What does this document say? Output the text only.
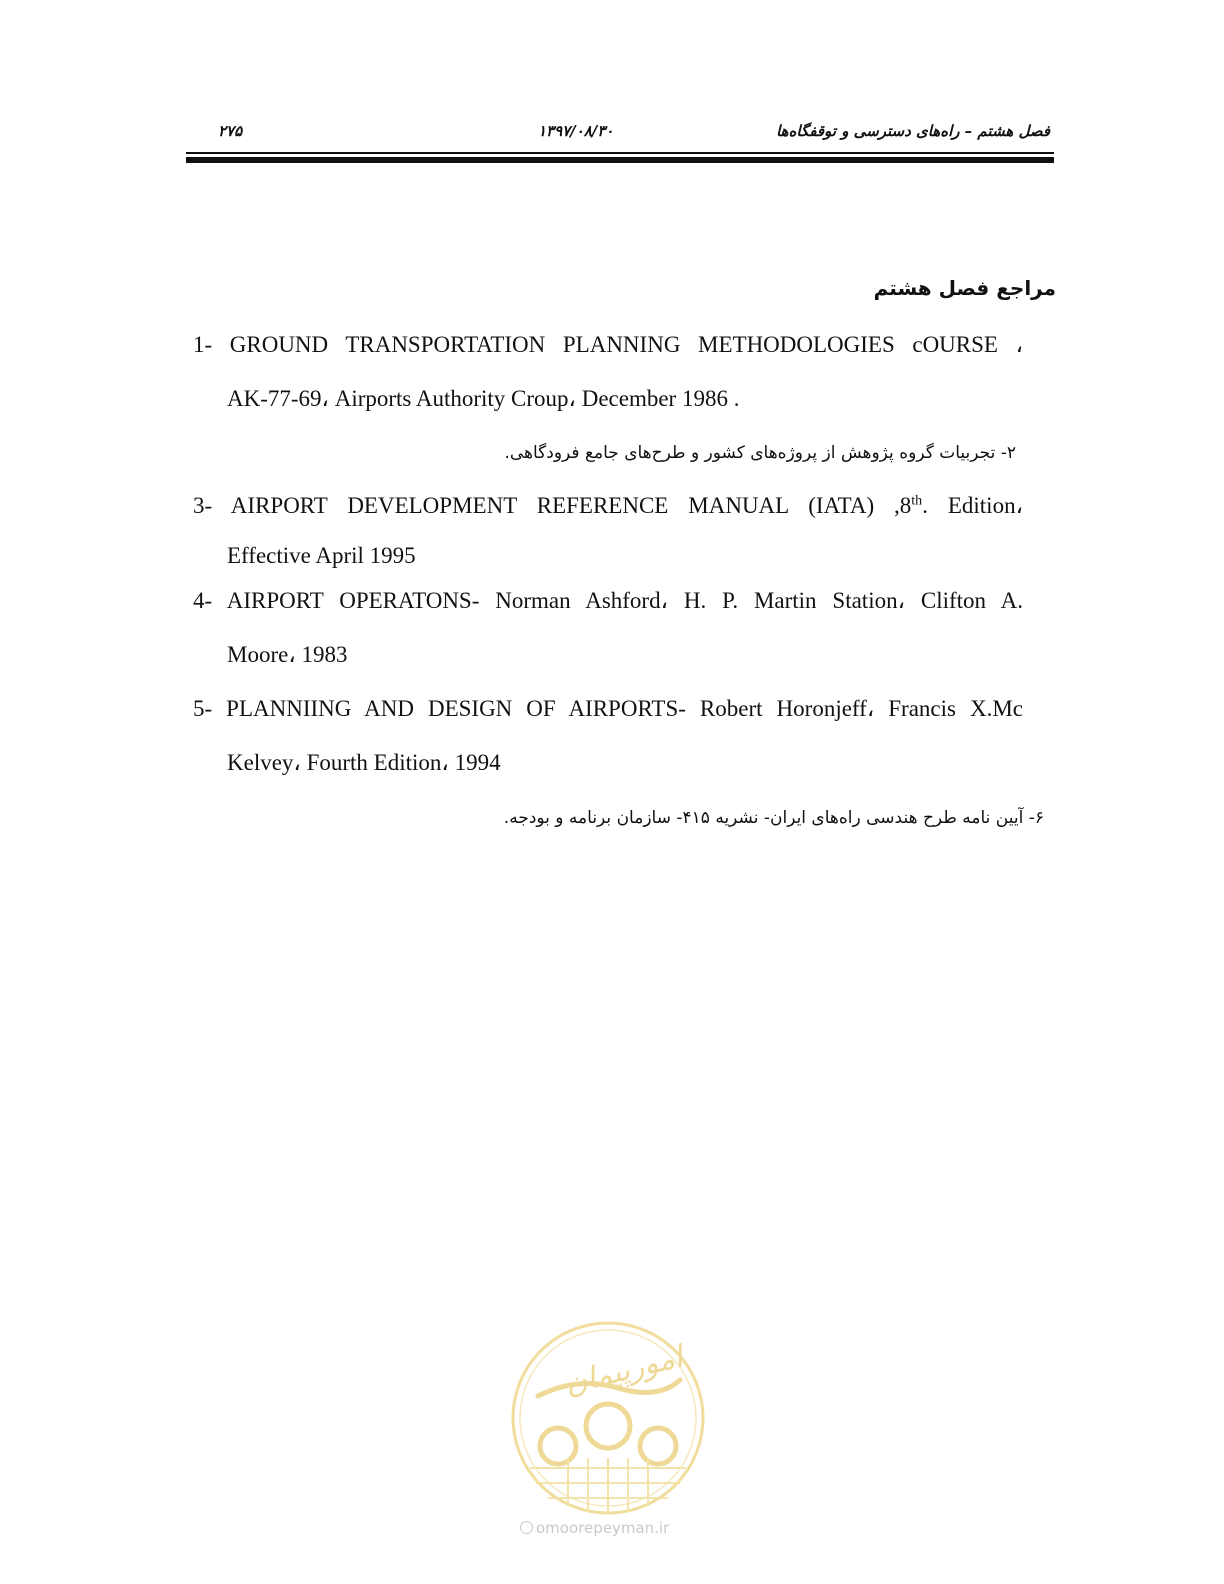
۲۷۵	۱۳۹۷/۰۸/۳۰	فصل هشتم – راه‌های دسترسی و توقفگاه‌ها
مراجع فصل هشتم
1- GROUND TRANSPORTATION PLANNING METHODOLOGIES cOURSE ،
AK-77-69، Airports Authority Croup، December 1986 .
۲- تجربیات گروه پژوهش از پروژه‌های کشور و طرح‌های جامع فرودگاهی.
3- AIRPORT DEVELOPMENT REFERENCE MANUAL (IATA) ,8th. Edition،
Effective April 1995
4- AIRPORT OPERATONS- Norman Ashford، H. P. Martin Station، Clifton A.
Moore، 1983
5- PLANNIING AND DESIGN OF AIRPORTS- Robert Horonjeff، Francis X.Mc
Kelvey، Fourth Edition، 1994
۶- آیین نامه طرح هندسی راه‌های ایران- نشریه ۴۱۵- سازمان برنامه و بودجه.
امورپیمان
omoorepeyman.ir
